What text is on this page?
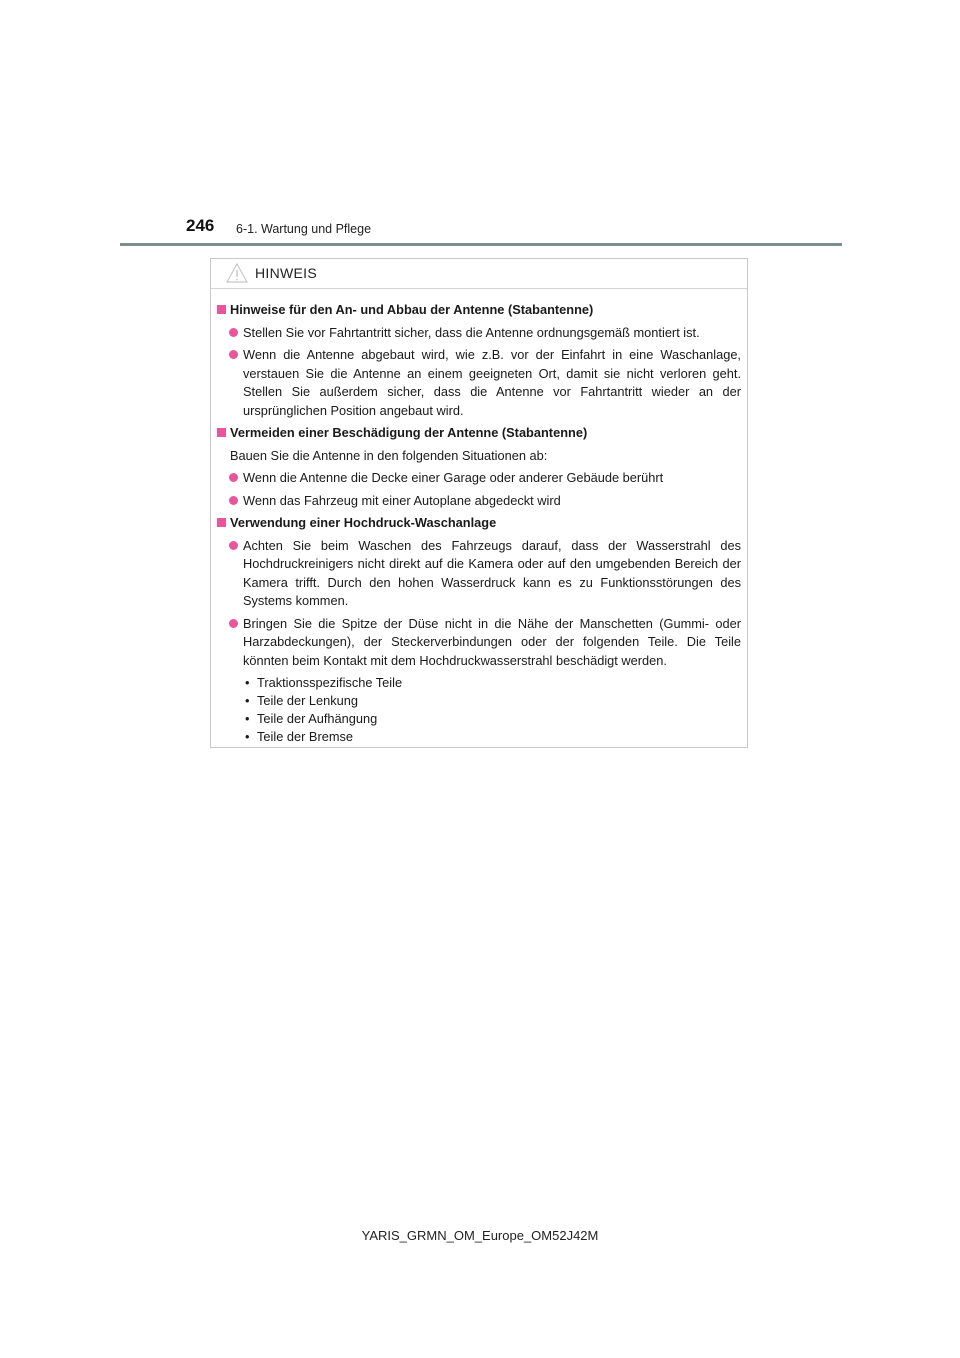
246 6-1. Wartung und Pflege
HINWEIS
Hinweise für den An- und Abbau der Antenne (Stabantenne)
Stellen Sie vor Fahrtantritt sicher, dass die Antenne ordnungsgemäß montiert ist.
Wenn die Antenne abgebaut wird, wie z.B. vor der Einfahrt in eine Waschanlage, verstauen Sie die Antenne an einem geeigneten Ort, damit sie nicht verloren geht. Stellen Sie außerdem sicher, dass die Antenne vor Fahrtantritt wieder an der ursprünglichen Position angebaut wird.
Vermeiden einer Beschädigung der Antenne (Stabantenne)
Bauen Sie die Antenne in den folgenden Situationen ab:
Wenn die Antenne die Decke einer Garage oder anderer Gebäude berührt
Wenn das Fahrzeug mit einer Autoplane abgedeckt wird
Verwendung einer Hochdruck-Waschanlage
Achten Sie beim Waschen des Fahrzeugs darauf, dass der Wasserstrahl des Hochdruckreinigers nicht direkt auf die Kamera oder auf den umgebenden Bereich der Kamera trifft. Durch den hohen Wasserdruck kann es zu Funktionsstörungen des Systems kommen.
Bringen Sie die Spitze der Düse nicht in die Nähe der Manschetten (Gummi- oder Harzabdeckungen), der Steckerverbindungen oder der folgenden Teile. Die Teile könnten beim Kontakt mit dem Hochdruckwasserstrahl beschädigt werden.
• Traktionsspezifische Teile
• Teile der Lenkung
• Teile der Aufhängung
• Teile der Bremse
YARIS_GRMN_OM_Europe_OM52J42M
